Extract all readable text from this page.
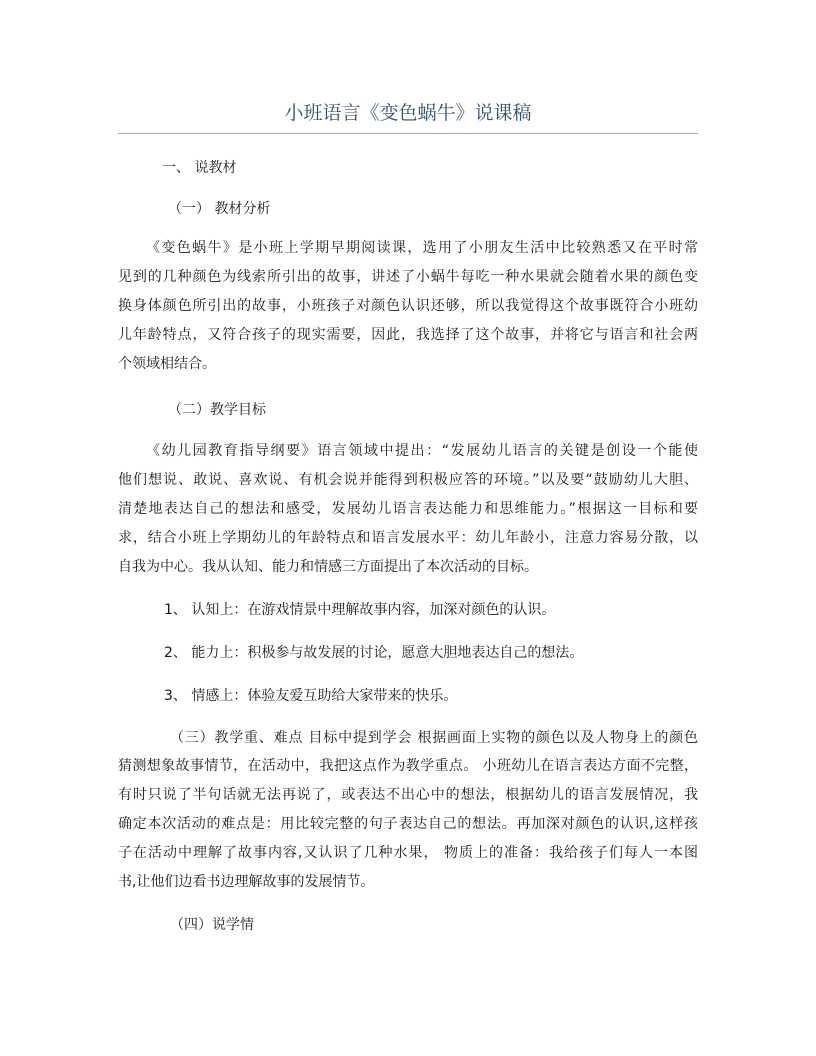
小班语言《变色蜗牛》说课稿
一、 说教材
（一） 教材分析
《变色蜗牛》是小班上学期早期阅读课，选用了小朋友生活中比较熟悉又在平时常
见到的几种颜色为线索所引出的故事，讲述了小蜗牛每吃一种水果就会随着水果的颜色变
换身体颜色所引出的故事，小班孩子对颜色认识还够，所以我觉得这个故事既符合小班幼
儿年龄特点，又符合孩子的现实需要，因此，我选择了这个故事，并将它与语言和社会两
个领域相结合。
（二）教学目标
《幼儿园教育指导纲要》语言领域中提出：“发展幼儿语言的关键是创设一个能使
他们想说、敢说、喜欢说、有机会说并能得到积极应答的环境。”以及要“鼓励幼儿大胆、
清楚地表达自己的想法和感受，发展幼儿语言表达能力和思维能力。”根据这一目标和要
求，结合小班上学期幼儿的年龄特点和语言发展水平：幼儿年龄小，注意力容易分散，以
自我为中心。我从认知、能力和情感三方面提出了本次活动的目标。
1、 认知上：在游戏情景中理解故事内容，加深对颜色的认识。
2、 能力上：积极参与故发展的讨论，愿意大胆地表达自己的想法。
3、 情感上：体验友爱互助给大家带来的快乐。
（三）教学重、难点 目标中提到学会 根据画面上实物的颜色以及人物身上的颜色
猜测想象故事情节，在活动中，我把这点作为教学重点。 小班幼儿在语言表达方面不完整，
有时只说了半句话就无法再说了，或表达不出心中的想法，根据幼儿的语言发展情况，我
确定本次活动的难点是：用比较完整的句子表达自己的想法。再加深对颜色的认识,这样孩
子在活动中理解了故事内容,又认识了几种水果， 物质上的准备：我给孩子们每人一本图
书,让他们边看书边理解故事的发展情节。
（四）说学情
